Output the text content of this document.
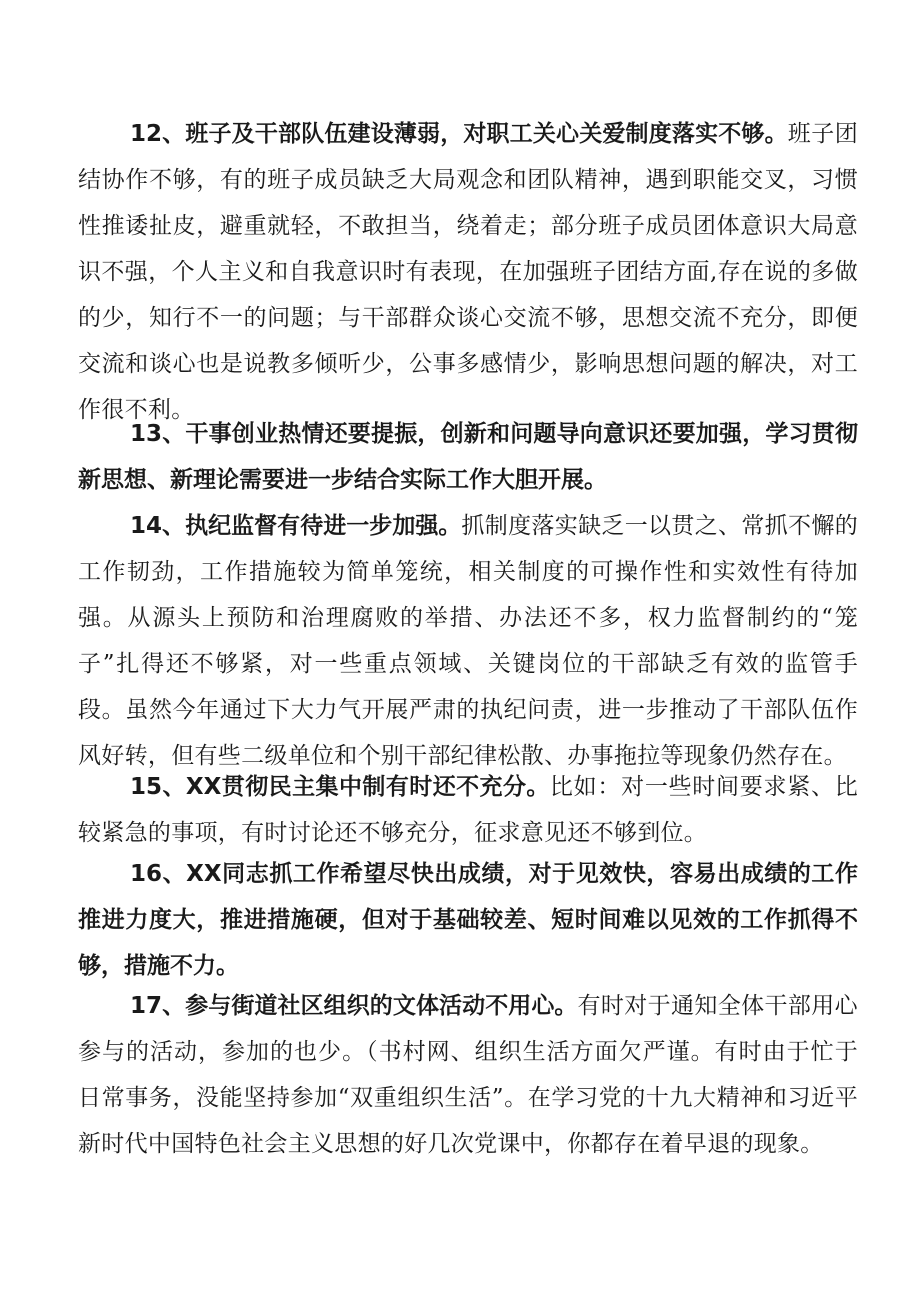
12、班子及干部队伍建设薄弱，对职工关心关爱制度落实不够。班子团结协作不够，有的班子成员缺乏大局观念和团队精神，遇到职能交叉，习惯性推诿扯皮，避重就轻，不敢担当，绕着走；部分班子成员团体意识大局意识不强，个人主义和自我意识时有表现，在加强班子团结方面,存在说的多做的少，知行不一的问题；与干部群众谈心交流不够，思想交流不充分，即便交流和谈心也是说教多倾听少，公事多感情少，影响思想问题的解决，对工作很不利。

13、干事创业热情还要提振，创新和问题导向意识还要加强，学习贯彻新思想、新理论需要进一步结合实际工作大胆开展。

14、执纪监督有待进一步加强。抓制度落实缺乏一以贯之、常抓不懈的工作韧劲，工作措施较为简单笼统，相关制度的可操作性和实效性有待加强。从源头上预防和治理腐败的举措、办法还不多，权力监督制约的“笼子”扎得还不够紧，对一些重点领域、关键岗位的干部缺乏有效的监管手段。虽然今年通过下大力气开展严肃的执纪问责，进一步推动了干部队伍作风好转，但有些二级单位和个别干部纪律松散、办事拖拉等现象仍然存在。

15、XX贯彻民主集中制有时还不充分。比如：对一些时间要求紧、比较紧急的事项，有时讨论还不够充分，征求意见还不够到位。

16、XX同志抓工作希望尽快出成绩，对于见效快，容易出成绩的工作推进力度大，推进措施硬，但对于基础较差、短时间难以见效的工作抓得不够，措施不力。

17、参与街道社区组织的文体活动不用心。有时对于通知全体干部用心参与的活动，参加的也少。（书村网、组织生活方面欠严谨。有时由于忙于日常事务，没能坚持参加“双重组织生活”。在学习党的十九大精神和习近平新时代中国特色社会主义思想的好几次党课中，你都存在着早退的现象。
